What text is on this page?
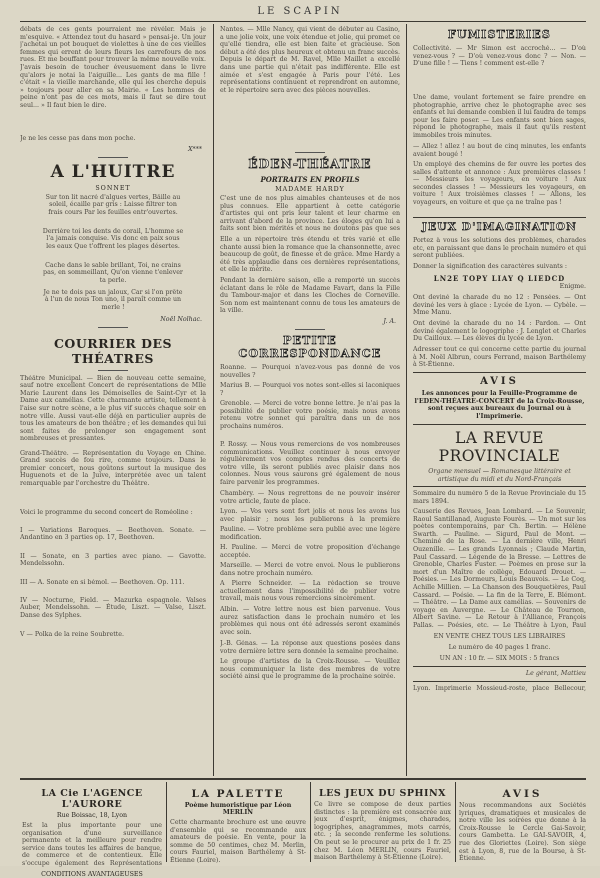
LE SCAPIN

débats de ces gents pourraient me révéler. Mais je m'esquive. « Attendez tout du hasard » pensai-je. Un jour j'achetai un pot bouquet de violettes à une de ces vieilles femmes qui errent de leurs fleurs les carrefours de nos rues. Et me bouffant pour trouver la même nouvelle voix. J'avais besoin de toucher éveusuement dans le livre qu'alors je notai la l'aiguille... Les gants de ma fille ! c'était « la vieille marchande, elle qui les cherche depuis » toujours pour aller en sa Mairie. « Les hommes de peine n'ont pas de ces mots, mais il faut se dire tout seul... » Il faut bien le dire.

Je ne les cesse pas dans mon poche.

X***
A L'HUITRE
SONNET

Sur ton lit nacré d'algues vertes, Bâille au soleil, écaille par gris : Laisse filtrer ton frais cours Par les feuilles entr'ouvertes.

Derrière toi les dents de corail, L'homme se l'a jamais conquise. Vis donc en paix sous les eaux Que t'offrent les plages désertes.

Cache dans le sable brillant, Toi, ne crains pas, en sommeillant, Qu'on vienne t'enlever ta perle.

Je ne te dois pas un jaloux, Car si l'on prête à l'un de nous Ton uno, il paraît comme un merle !

Noël Nolhac.
COURRIER DES THÉATRES

Théâtre Municipal. — Bien de nouveau cette semaine, sauf notre excellent Concert de représentations de Mlle Marie Laurent dans les Démoiselles de Saint-Cyr et la Dame aux camélias. Cette charmante artiste, tellement à l'aise sur notre scène, a le plus vif succès chaque soir en notre ville. Aussi vaut-elle déjà en particulier auprès de tous les amateurs de bon théâtre ; et les demandes qui lui sont faites de prolonger son engagement sont nombreuses et pressantes.

Grand-Théâtre. — Représentation du Voyage en Chine. Grand succès de fou rire, comme toujours. Dans le premier concert, nous goûtons surtout la musique des Huguenots et de la Juive, interprétée avec un talent remarquable par l'orchestre du Théâtre.

Voici le programme du second concert de Roméoline :

I — Variations Baroques. — Beethoven. Sonate. — Andantino en 3 parties op. 17, Beethoven.

II — Sonate, en 3 parties avec piano. — Gavotte. Mendelssohn.

III — A. Sonate en si bémol. — Beethoven. Op. 111.

IV — Nocturne, Field. — Mazurka espagnole. Valses Auber, Mendelssohn. — Étude, Liszt. — Valse, Liszt. Danse des Sylphes.

V — Polka de la reine Soubrette.

Nantes. — Mlle Nancy, qui vient de débuter au Casino, a une jolie voix, une voix étendue et jolie, qui promet ce qu'elle tiendra, elle est bien faite et gracieuse. Son début a été des plus heureux et obtenu un franc succès. Depuis le départ de M. Ravel, Mlle Maillet a excellé dans une partie qui n'était pas indifférente. Elle est aimée et s'est engagée à Paris pour l'été. Les représentations continuent et reprendront en automne, et le répertoire sera avec des pièces nouvelles.

ÉDEN-THÉATRE
PORTRAITS EN PROFILS
MADAME HARDY

C'est une de nos plus aimables chanteuses et de nos plus connues. Elle appartient à cette catégorie d'artistes qui ont pris leur talent et leur charme en arrivant d'abord de la province. Les éloges qu'on lui a faits sont bien mérités et nous ne doutons pas que ses

Elle a un répertoire très étendu et très varié et elle chante aussi bien la romance que la chansonnette, avec beaucoup de goût, de finesse et de grâce. Mme Hardy a été très applaudie dans ces dernières représentations, et elle le mérite.

Pendant la dernière saison, elle a remporté un succès éclatant dans le rôle de Madame Favart, dans la Fille du Tambour-major et dans les Cloches de Corneville. Son nom est maintenant connu de tous les amateurs de la ville.

J. A.
PETITE CORRESPONDANCE

Roanne. — Pourquoi n'avez-vous pas donné de vos nouvelles ?

Marius B. — Pourquoi vos notes sont-elles si laconiques ?

Grenoble. — Merci de votre bonne lettre. Je n'ai pas la possibilité de publier votre poésie, mais nous avons retenu votre sonnet qui paraîtra dans un de nos prochains numéros.

P. Rossy. — Nous vous remercions de vos nombreuses communications. Veuillez continuer à nous envoyer régulièrement vos comptes rendus des concerts de votre ville, ils seront publiés avec plaisir dans nos colonnes. Nous vous saurons gré également de nous faire parvenir les programmes.

Chambéry. — Nous regrettons de ne pouvoir insérer votre article, faute de place.

Lyon. — Vos vers sont fort jolis et nous les avons lus avec plaisir ; nous les publierons à la première

Pauline. — Votre problème sera publié avec une légère modification.

H. Pauline. — Merci de votre proposition d'échange acceptée.

Marseille. — Merci de votre envoi. Nous le publierons dans notre prochain numéro.

A Pierre Schneider. — La rédaction se trouve actuellement dans l'impossibilité de publier votre travail, mais nous vous remercions sincèrement.

Albin. — Votre lettre nous est bien parvenue. Vous aurez satisfaction dans le prochain numéro et les problèmes qui nous ont été adressés seront examinés avec soin.

J.-B. Génas. — La réponse aux questions posées dans votre dernière lettre sera donnée la semaine prochaine.

Le groupe d'artistes de la Croix-Rousse. — Veuillez nous communiquer la liste des membres de votre société ainsi que le programme de la prochaine soirée.

FUMISTERIES

Collectivité. — Mr Simon est accroché... — D'où venez-vous ? — D'où venez-vous donc ? — Non. — D'une fille ! — Tiens ! comment est-elle ?

Une dame, voulant fortement se faire prendre en photographie, arrive chez le photographe avec ses enfants et lui demande combien il lui faudra de temps pour les faire poser. — Les enfants sont bien sages, répond le photographe, mais il faut qu'ils restent immobiles trois minutes.

— Allez ! allez ! au bout de cinq minutes, les enfants avaient bougé !

Un employé des chemins de fer ouvre les portes des salles d'attente et annonce : Aux premières classes ! — Messieurs les voyageurs, en voiture ! Aux secondes classes ! — Messieurs les voyageurs, en voiture ! Aux troisièmes classes ! — Allons, les voyageurs, en voiture et que ça ne traîne pas !

JEUX D'IMAGINATION

Portez à vous les solutions des problèmes, charades etc, en paraissant que dans le prochain numéro et qui seront publiées.

Donner la signification des caractères suivants :

LN2E TOPY LIAY Q LIEDCD
Énigme.

Ont deviné la charade du no 12 : Pensées. — Ont deviné les vers à glace : Lycée de Lyon. — Cybèle. — Mme Manu.

Ont deviné la charade du no 14 : Pardon. — Ont deviné également le logogriphe : J. Lenglet et Charles Du Cailloux. — Les élèves du lycée de Lyon.

Adresser tout ce qui concerne cette partie du journal à M. Noël Albrun, cours Ferrand, maison Barthélemy à St-Étienne.

AVIS

Les annonces pour la Feuille-Programme de l'EDEN-THÉATRE-CONCERT de la Croix-Rousse, sont reçues aux bureaux du Journal ou à l'Imprimerie.

LA REVUE PROVINCIALE

Organe mensuel — Romanesque littéraire et artistique du midi et du Nord-Français

Sommaire du numéro 5 de la Revue Provinciale du 15 mars 1894.

Causerie des Revues, Jean Lombard. — Le Souvenir, Raoul Santillanad, Auguste Fourès. — Un mot sur les poètes contemporains, par Ch. Bertin. — Hélène Swarth. — Pauline. — Sigurd, Paul de Mont. — Cheminé de la Rose. — La dernière ville, Henri Ouzenille. — Les grands Lyonnais ; Claude Martin, Paul Cassard. — Légende de la Bresse. — Lettres de Grenoble, Charles Fuster. — Poèmes en prose sur la mort d'un Maître de collège, Edouard Drouet. — Poésies. — Les Dormeurs, Louis Beauvois. — Le Coq, Achille Millien. — La Chanson des Bouquetières, Paul Cassard. — Poésie. — La fin de la Terre, E. Blémont. — Théâtre. — La Dame aux camélias. — Souvenirs de voyage en Auvergne. — Le Château de Tournon, Albert Savine. — Le Retour à l'Alliance, François Pallas. — Poésies, etc. — Le Théâtre à Lyon, Paul

EN VENTE CHEZ TOUS LES LIBRAIRES
Le numéro de 40 pages 1 franc.
UN AN : 10 fr. — SIX MOIS : 5 francs
Le gérant, Mattieu
Lyon. Imprimerie Mossieud-roste, place Bellecour,
LA Cie L'AGENCE L'AURORE
Rue Boissac, 18, Lyon

Est la plus importante pour une organisation d'une surveillance permanente et la meilleure pour rendre service dans toutes les affaires de banque, de commerce et de contentieux. Elle s'occupe également des Représentations

CONDITIONS AVANTAGEUSES
LA PALETTE
Poème humoristique par Léon MERLIN

Cette charmante brochure est une œuvre d'ensemble qui se recommande aux amateurs de poésie. En vente, pour la somme de 50 centimes, chez M. Merlin, cours Fauriel, maison Barthélemy à St-Étienne (Loire).

LES JEUX DU SPHINX

Ce livre se compose de deux parties distinctes : la première est consacrée aux jeux d'esprit, énigmes, charades, logogriphes, anagrammes, mots carrés, etc. ; la seconde renferme les solutions. On peut se le procurer au prix de 1 fr. 25 chez M. Léon MERLIN, cours Fauriel, maison Barthélemy à St-Étienne (Loire).

AVIS

Nous recommandons aux Sociétés lyriques, dramatiques et musicales de notre ville les soirées que donne à la Croix-Rousse le Cercle Gai-Savoir, cours Gambetta. Le GAI-SAVOIR, 4, rue des Gloriettes (Loire). Son siège est à Lyon, 8, rue de la Bourse, à St-Étienne.
